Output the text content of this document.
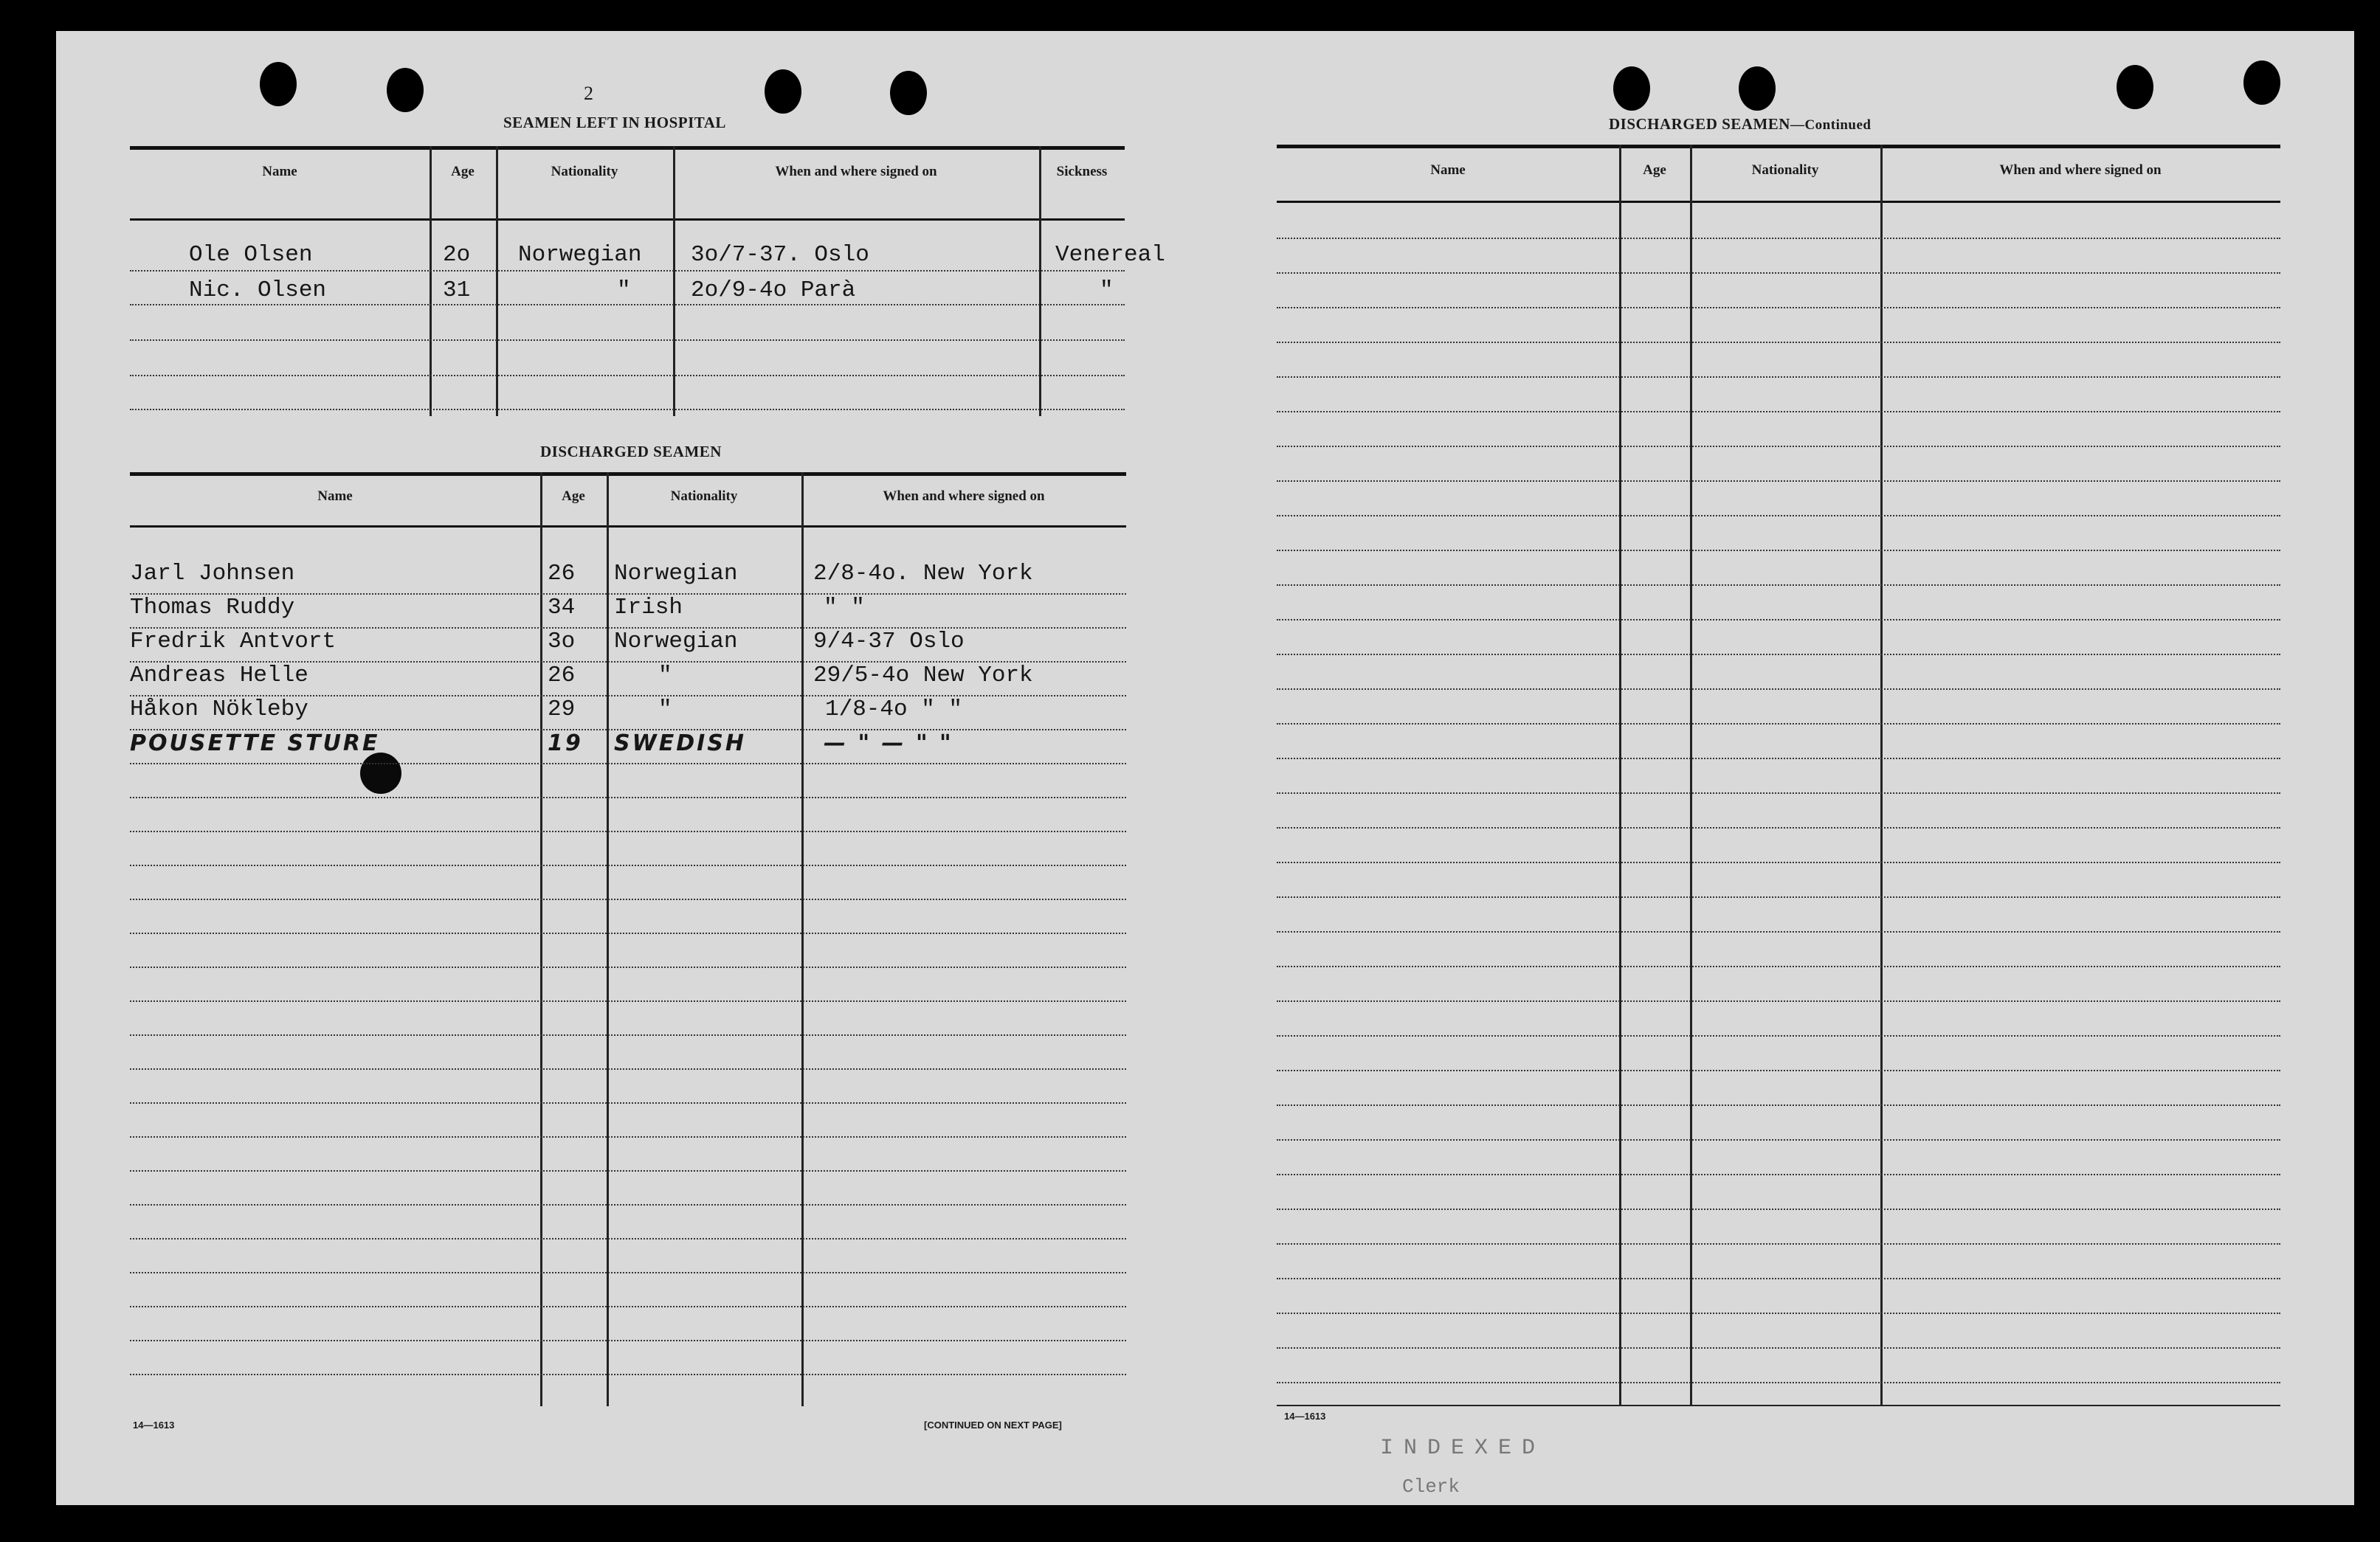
2
SEAMEN LEFT IN HOSPITAL
Name	Age	Nationality	When and where signed on	Sickness
Ole Olsen	2o Norwegian 3o/7-37. Oslo	Venereal
Nic. Olsen	31	"	2o/9-4o Parà	"
DISCHARGED SEAMEN
Name	Age	Nationality	When and where signed on
Jarl Johnsen	26 Norwegian	2/8-4o. New York
Thomas Ruddy	34 Irish	" "
Fredrik Antvort	3o Norwegian	9/4-37 Oslo
Andreas Helle	26	"	29/5-4o New York
Håkon Nökleby	29	"	1/8-4o " "
POUSETTE STURE	19 SWEDISH	— " — " "
14—1613	[CONTINUED ON NEXT PAGE]
DISCHARGED SEAMEN—Continued
Name	Age	Nationality	When and where signed on
14—1613
INDEXED
Clerk
